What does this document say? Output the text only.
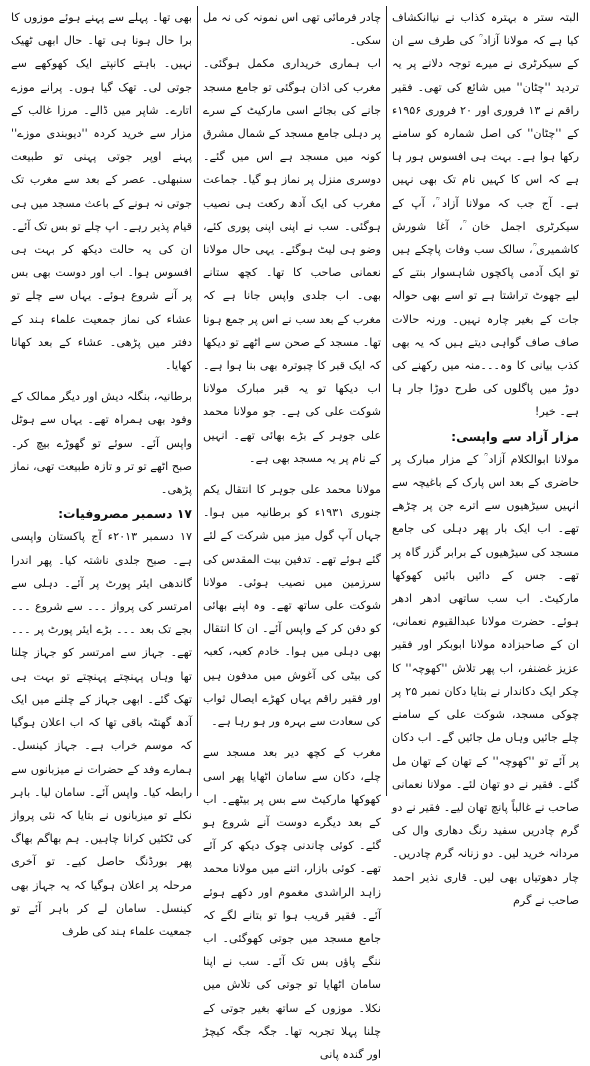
البتہ ستر ہ بہترہ کذاب نے نیاانکشاف کیا ہے کہ مولانا آزاد ؒ کی طرف سے ان کے سیکرٹری نے میرے توجہ دلانے پر یہ تردید ''چٹان'' میں شائع کی تھی۔ فقیر راقم نے ۱۳ فروری اور ۲۰ فروری ۱۹۵۶ء کے ''چٹان'' کی اصل شمارہ کو سامنے رکھا ہوا ہے۔ بہت ہی افسوس ہور ہا ہے کہ اس کا کہیں نام تک بھی نہیں ہے۔ آج جب کہ مولانا آزاد ؒ، آپ کے سیکرٹری اجمل خان ؒ، آغا شورش کاشمیری ؒ، سالک سب وفات پاچکے ہیں تو ایک آدمی پاکچوں شاہسوار بنتے کے لیے جھوٹ تراشتا ہے تو اسے بھی حوالہ جات کے بغیر چارہ نہیں۔ ورنہ حالات صاف صاف گواہی دیتے ہیں کہ یہ بھی کذب بیانی کا وہ۔۔۔منہ میں رکھنے کی دوڑ میں پاگلوں کی طرح دوڑا جار ہا ہے۔ خیر!

مزار آزاد سے واپسی:

مولانا ابوالکلام آزاد ؒ کے مزار مبارک پر حاضری کے بعد اس پارک کے باغیچہ سے انہیں سیڑھیوں سے اترے جن پر چڑھے تھے۔ اب ایک بار پھر دہلی کی جامع مسجد کی سیڑھیوں کے برابر گزر گاہ پر تھے۔ جس کے دائیں بائیں کھوکھا مارکیٹ۔ اب سب ساتھی ادھر ادھر ہوئے۔ حضرت مولانا عبدالقیوم نعمانی، ان کے صاحبزادہ مولانا ابوبکر اور فقیر عزیز غضنفر، اب پھر تلاش ''کھوچہ'' کا چکر ایک دکاندار نے بتایا دکان نمبر ۲۵ پر چوکی مسجد، شوکت علی کے سامنے چلے جائیں وہاں مل جائیں گے۔ اب دکان پر آئے تو ''کھوچہ'' کے تھان کے تھان مل گئے۔ فقیر نے دو تھان لئے۔ مولانا نعمانی صاحب نے غالباً پانچ تھان لیے۔ فقیر نے دو گرم چادریں سفید رنگ دھاری وال کی مردانہ خرید لیں۔ دو زنانہ گرم چادریں۔ چار دھوتیاں بھی لیں۔ قاری نذیر احمد صاحب نے گرم

چادر فرمائی تھی اس نمونہ کی نہ مل سکی۔

اب ہماری خریداری مکمل ہوگئی۔ مغرب کی اذان ہوگئی تو جامع مسجد جانے کی بجائے اسی مارکیٹ کے سرے پر دہلی جامع مسجد کے شمال مشرق کونہ میں مسجد ہے اس میں گئے۔ دوسری منزل پر نماز ہو گیا۔ جماعت مغرب کی ایک آدھ رکعت ہی نصیب ہوگئی۔ سب نے اپنی اپنی پوری کئے، وضو ہی لیٹ ہوگئے۔ یہی حال مولانا نعمانی صاحب کا تھا۔ کچھ ستانے بھی۔ اب جلدی واپس جانا ہے کہ مغرب کے بعد سب نے اس پر جمع ہونا تھا۔ مسجد کے صحن سے اٹھے تو دیکھا کہ ایک قبر کا چبوترہ بھی بنا ہوا ہے۔ اب دیکھا تو یہ قبر مبارک مولانا شوکت علی کی ہے۔ جو مولانا محمد علی جوہر کے بڑے بھائی تھے۔ انہیں کے نام پر یہ مسجد بھی ہے۔

مولانا محمد علی جوہر کا انتقال یکم جنوری ۱۹۳۱ء کو برطانیہ میں ہوا۔ جہاں آپ گول میز میں شرکت کے لئے گئے ہوئے تھے۔ تدفین بیت المقدس کی سرزمین میں نصیب ہوئی۔ مولانا شوکت علی ساتھ تھے۔ وہ اپنے بھائی کو دفن کر کے واپس آئے۔ ان کا انتقال بھی دہلی میں ہوا۔ خادم کعبہ، کعبہ کی بیٹی کی آغوش میں مدفون ہیں اور فقیر راقم یہاں کھڑے ایصال ثواب کی سعادت سے بہرہ ور ہو رہا ہے۔

مغرب کے کچھ دیر بعد مسجد سے چلے، دکان سے سامان اٹھایا پھر اسی کھوکھا مارکیٹ سے بس پر بیٹھے۔ اب کے بعد دیگرے دوست آنے شروع ہو گئے۔ کوئی چاندنی چوک دیکھ کر آئے تھے۔ کوئی بازار، اتنے میں مولانا محمد زاہد الراشدی مغموم اور دکھے ہوئے آئے۔ فقیر قریب ہوا تو بتانے لگے کہ جامع مسجد میں جوتی کھوگئی۔ اب ننگے پاؤں بس تک آئے۔ سب نے اپنا سامان اٹھایا تو جوتی کی تلاش میں نکلا۔ موزوں کے ساتھ بغیر جوتی کے چلنا پہلا تجربہ تھا۔ جگہ جگہ کیچڑ اور گندہ پانی

بھی تھا۔ پہلے سے پہنے ہوئے موزوں کا برا حال ہونا ہی تھا۔ حال ابھی ٹھیک نہیں۔ باہتے کانپتے ایک کھوکھے سے جوتی لی۔ تھک گیا ہوں۔ پرانے موزے اتارے۔ شاپر میں ڈالے۔ مرزا غالب کے مزار سے خرید کردہ ''دیوبندی موزے'' پہنے اوپر جوتی پہنی تو طبیعت سنبھلی۔ عصر کے بعد سے مغرب تک جوتی نہ ہونے کے باعث مسجد میں ہی قیام پذیر رہے۔ اپ چلے تو بس تک آئے۔ ان کی یہ حالت دیکھ کر بہت ہی افسوس ہوا۔ اب اور دوست بھی بس پر آنے شروع ہوئے۔ یہاں سے چلے تو عشاء کی نماز جمعیت علماء ہند کے دفتر میں پڑھی۔ عشاء کے بعد کھانا کھایا۔

برطانیہ، بنگلہ دیش اور دیگر ممالک کے وفود بھی ہمراہ تھے۔ یہاں سے ہوٹل واپس آئے۔ سوئے تو گھوڑے بیچ کر۔ صبح اٹھے تو تر و تازہ طبیعت تھی، نماز پڑھی۔

۱۷ دسمبر مصروفیات:

۱۷ دسمبر ۲۰۱۳ء آج پاکستان واپسی ہے۔ صبح جلدی ناشتہ کیا۔ پھر اندرا گاندھی ایئر پورٹ پر آئے۔ دہلی سے امرتسر کی پرواز ۔۔۔ سے شروع ۔۔۔ بجے تک بعد ۔۔۔ بڑے ایئر پورٹ پر ۔۔۔ تھے۔ جہاز سے امرتسر کو جہاز چلنا تھا وہاں پہنچتے پہنچتے تو بہت ہی تھک گئے۔ ابھی جہاز کے چلنے میں ایک آدھ گھنٹہ باقی تھا کہ اب اعلان ہوگیا کہ موسم خراب ہے۔ جہاز کینسل۔ ہمارے وفد کے حضرات نے میزبانوں سے رابطہ کیا۔ واپس آئے۔ سامان لیا۔ باہر نکلے تو میزبانوں نے بتایا کہ نئی پرواز کی ٹکٹیں کرانا چاہیں۔ ہم بھاگم بھاگ پھر بورڈنگ حاصل کیے۔ تو آخری مرحلہ پر اعلان ہوگیا کہ یہ جہاز بھی کینسل۔ سامان لے کر باہر آئے تو جمعیت علماء ہند کی طرف
